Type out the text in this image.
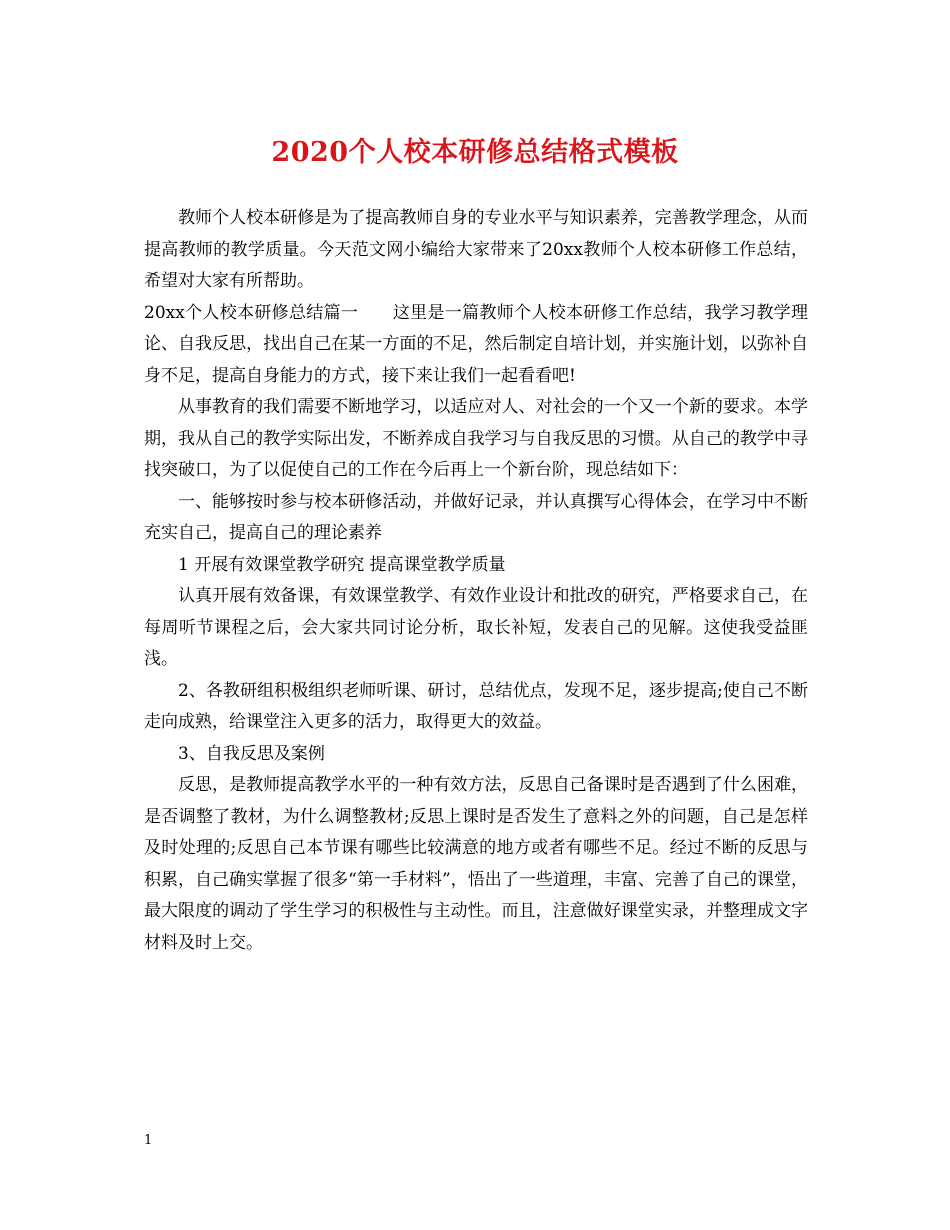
2020个人校本研修总结格式模板

教师个人校本研修是为了提高教师自身的专业水平与知识素养，完善教学理念，从而提高教师的教学质量。今天范文网小编给大家带来了20xx教师个人校本研修工作总结，希望对大家有所帮助。

20xx个人校本研修总结篇一　　这里是一篇教师个人校本研修工作总结，我学习教学理论、自我反思，找出自己在某一方面的不足，然后制定自培计划，并实施计划，以弥补自身不足，提高自身能力的方式，接下来让我们一起看看吧!

从事教育的我们需要不断地学习，以适应对人、对社会的一个又一个新的要求。本学期，我从自己的教学实际出发，不断养成自我学习与自我反思的习惯。从自己的教学中寻找突破口，为了以促使自己的工作在今后再上一个新台阶，现总结如下：

一、能够按时参与校本研修活动，并做好记录，并认真撰写心得体会，在学习中不断充实自己，提高自己的理论素养

1 开展有效课堂教学研究 提高课堂教学质量

认真开展有效备课，有效课堂教学、有效作业设计和批改的研究，严格要求自己，在每周听节课程之后，会大家共同讨论分析，取长补短，发表自己的见解。这使我受益匪浅。

2、各教研组积极组织老师听课、研讨，总结优点，发现不足，逐步提高;使自己不断走向成熟，给课堂注入更多的活力，取得更大的效益。

3、自我反思及案例

反思，是教师提高教学水平的一种有效方法，反思自己备课时是否遇到了什么困难，是否调整了教材，为什么调整教材;反思上课时是否发生了意料之外的问题，自己是怎样及时处理的;反思自己本节课有哪些比较满意的地方或者有哪些不足。经过不断的反思与积累，自己确实掌握了很多“第一手材料”，悟出了一些道理，丰富、完善了自己的课堂，最大限度的调动了学生学习的积极性与主动性。而且，注意做好课堂实录，并整理成文字材料及时上交。

1
